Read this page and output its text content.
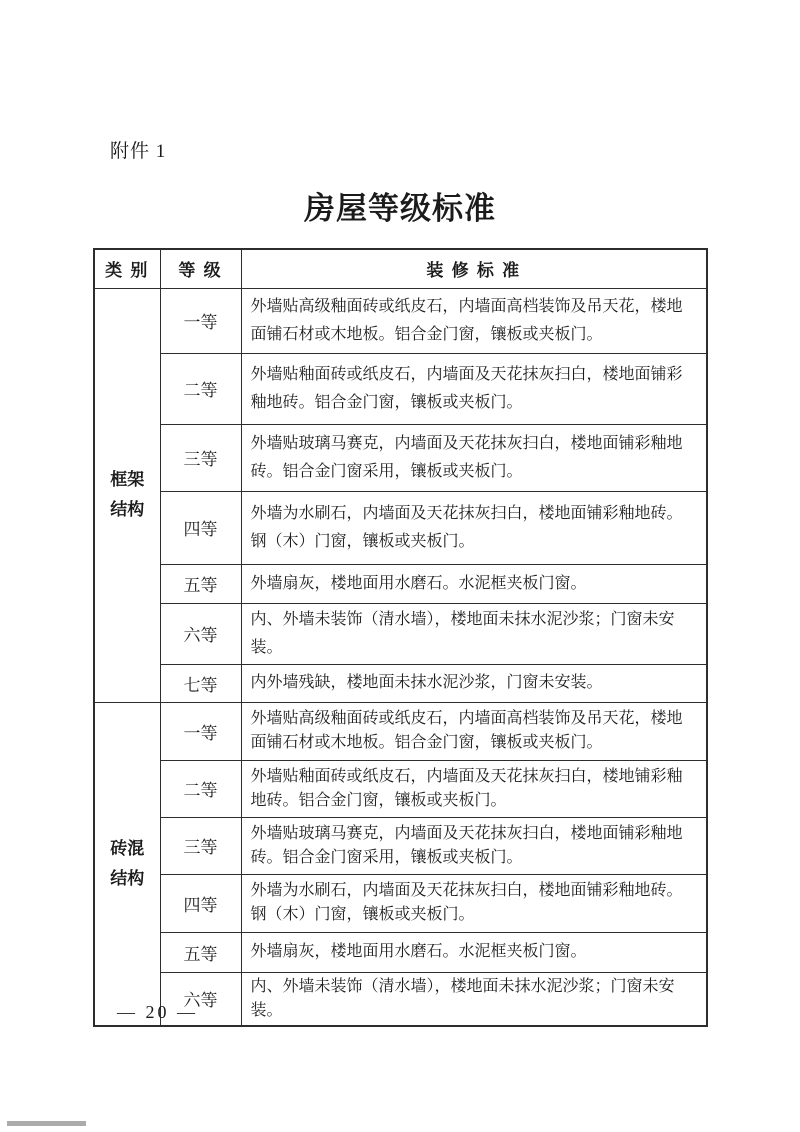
附件 1
房屋等级标准
类 别	等 级	装 修 标 准

框架
结构	一等	外墙贴高级釉面砖或纸皮石，内墙面高档装饰及吊天花，楼地面铺石材或木地板。铝合金门窗，镶板或夹板门。
	二等	外墙贴釉面砖或纸皮石，内墙面及天花抹灰扫白，楼地面铺彩釉地砖。铝合金门窗，镶板或夹板门。
	三等	外墙贴玻璃马赛克，内墙面及天花抹灰扫白，楼地面铺彩釉地砖。铝合金门窗采用，镶板或夹板门。
	四等	外墙为水刷石，内墙面及天花抹灰扫白，楼地面铺彩釉地砖。钢（木）门窗，镶板或夹板门。
	五等	外墙扇灰，楼地面用水磨石。水泥框夹板门窗。
	六等	内、外墙未装饰（清水墙），楼地面未抹水泥沙浆；门窗未安装。
	七等	内外墙残缺，楼地面未抹水泥沙浆，门窗未安装。

砖混
结构	一等	外墙贴高级釉面砖或纸皮石，内墙面高档装饰及吊天花，楼地面铺石材或木地板。铝合金门窗，镶板或夹板门。
	二等	外墙贴釉面砖或纸皮石，内墙面及天花抹灰扫白，楼地铺彩釉地砖。铝合金门窗，镶板或夹板门。
	三等	外墙贴玻璃马赛克，内墙面及天花抹灰扫白，楼地面铺彩釉地砖。铝合金门窗采用，镶板或夹板门。
	四等	外墙为水刷石，内墙面及天花抹灰扫白，楼地面铺彩釉地砖。钢（木）门窗，镶板或夹板门。
	五等	外墙扇灰，楼地面用水磨石。水泥框夹板门窗。
	六等	内、外墙未装饰（清水墙），楼地面未抹水泥沙浆；门窗未安装。
— 20 —
